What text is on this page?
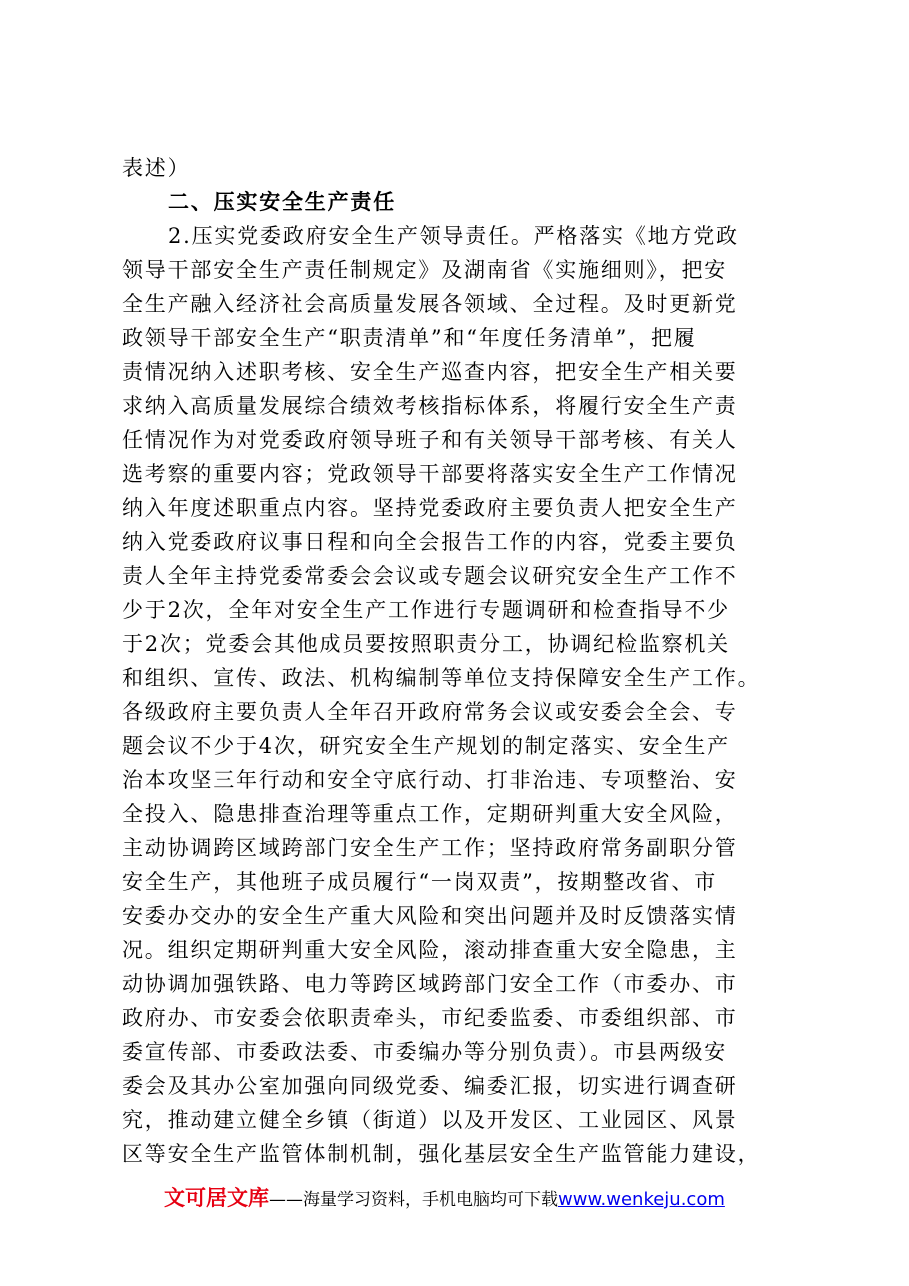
表述）
二、压实安全生产责任
2.压实党委政府安全生产领导责任。严格落实《地方党政
领导干部安全生产责任制规定》及湖南省《实施细则》，把安
全生产融入经济社会高质量发展各领域、全过程。及时更新党
政领导干部安全生产“职责清单”和“年度任务清单”，把履
责情况纳入述职考核、安全生产巡查内容，把安全生产相关要
求纳入高质量发展综合绩效考核指标体系，将履行安全生产责
任情况作为对党委政府领导班子和有关领导干部考核、有关人
选考察的重要内容；党政领导干部要将落实安全生产工作情况
纳入年度述职重点内容。坚持党委政府主要负责人把安全生产
纳入党委政府议事日程和向全会报告工作的内容，党委主要负
责人全年主持党委常委会会议或专题会议研究安全生产工作不
少于2次，全年对安全生产工作进行专题调研和检查指导不少
于2次；党委会其他成员要按照职责分工，协调纪检监察机关
和组织、宣传、政法、机构编制等单位支持保障安全生产工作。
各级政府主要负责人全年召开政府常务会议或安委会全会、专
题会议不少于4次，研究安全生产规划的制定落实、安全生产
治本攻坚三年行动和安全守底行动、打非治违、专项整治、安
全投入、隐患排查治理等重点工作，定期研判重大安全风险，
主动协调跨区域跨部门安全生产工作；坚持政府常务副职分管
安全生产，其他班子成员履行“一岗双责”，按期整改省、市
安委办交办的安全生产重大风险和突出问题并及时反馈落实情
况。组织定期研判重大安全风险，滚动排查重大安全隐患，主
动协调加强铁路、电力等跨区域跨部门安全工作（市委办、市
政府办、市安委会依职责牵头，市纪委监委、市委组织部、市
委宣传部、市委政法委、市委编办等分别负责）。市县两级安
委会及其办公室加强向同级党委、编委汇报，切实进行调查研
究，推动建立健全乡镇（街道）以及开发区、工业园区、风景
区等安全生产监管体制机制，强化基层安全生产监管能力建设，
文可居文库——海量学习资料，手机电脑均可下载www.wenkeju.com
